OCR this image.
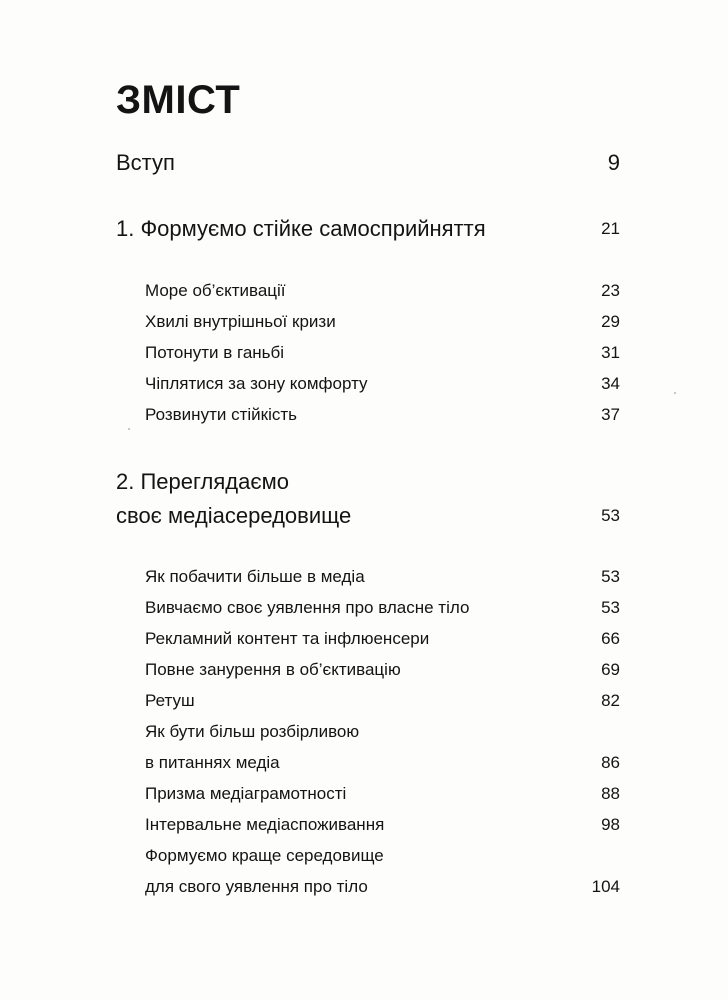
ЗМІСТ
Вступ	9
1. Формуємо стійке самосприйняття	21
Море об’єктивації	23
Хвилі внутрішньої кризи	29
Потонути в ганьбі	31
Чіплятися за зону комфорту	34
Розвинути стійкість	37
2. Переглядаємо
своє медіасередовище	53
Як побачити більше в медіа	53
Вивчаємо своє уявлення про власне тіло	53
Рекламний контент та інфлюенсери	66
Повне занурення в об’єктивацію	69
Ретуш	82
Як бути більш розбірливою
в питаннях медіа	86
Призма медіаграмотності	88
Інтервальне медіаспоживання	98
Формуємо краще середовище
для свого уявлення про тіло	104
